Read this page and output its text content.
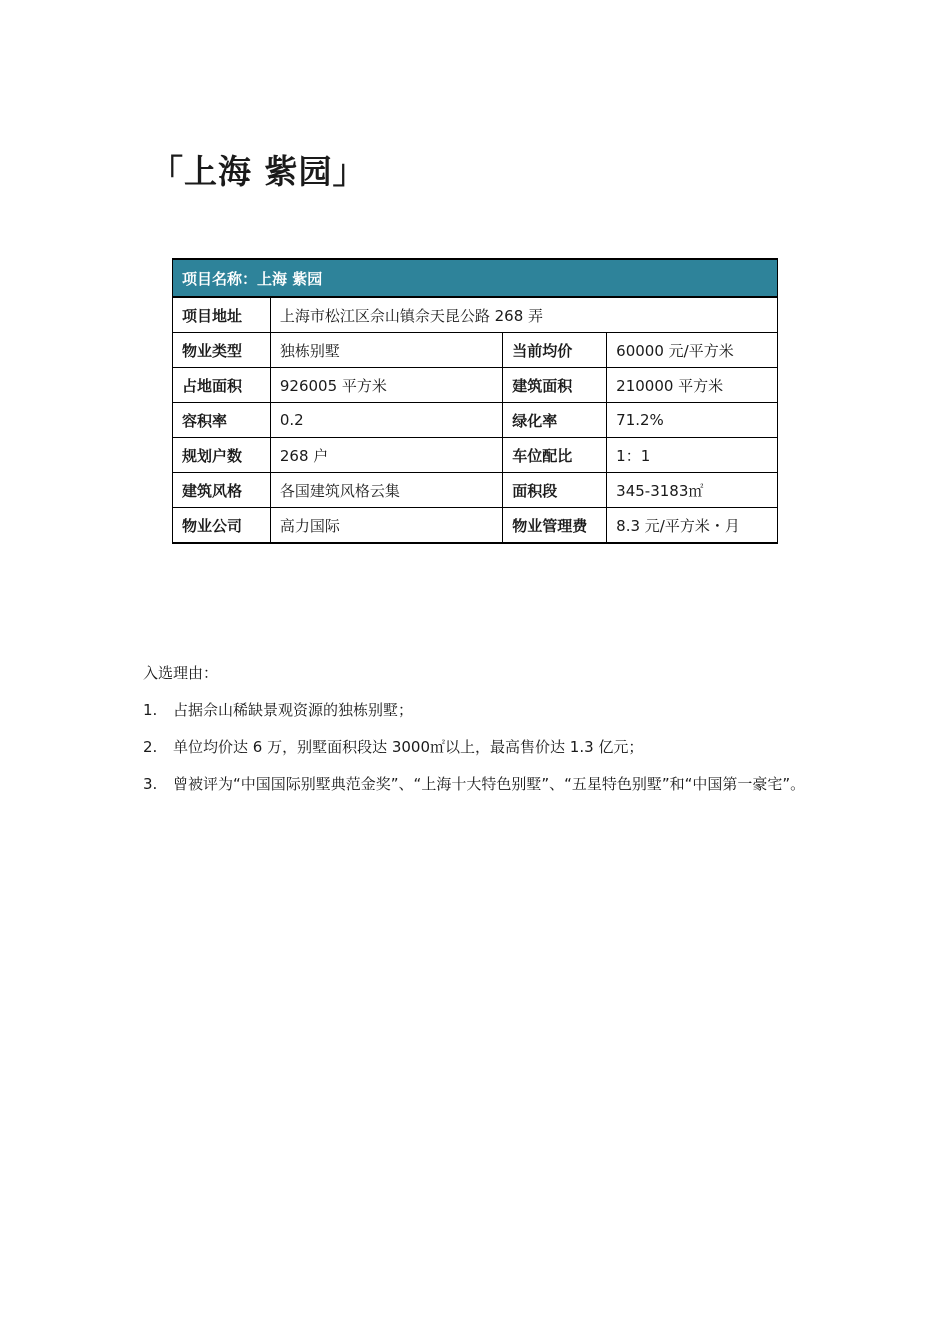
「上海 紫园」
项目名称：上海 紫园			
项目地址	上海市松江区佘山镇佘天昆公路 268 弄		
物业类型	独栋别墅	当前均价	60000 元/平方米
占地面积	926005 平方米	建筑面积	210000 平方米
容积率	0.2	绿化率	71.2%
规划户数	268 户	车位配比	1：1
建筑风格	各国建筑风格云集	面积段	345-3183㎡
物业公司	高力国际	物业管理费	8.3 元/平方米・月

入选理由：

1.	占据佘山稀缺景观资源的独栋别墅；
2.	单位均价达 6 万，别墅面积段达 3000㎡以上，最高售价达 1.3 亿元；
3.	曾被评为“中国国际别墅典范金奖”、“上海十大特色别墅”、“五星特色别墅”和“中国第一豪宅”。
